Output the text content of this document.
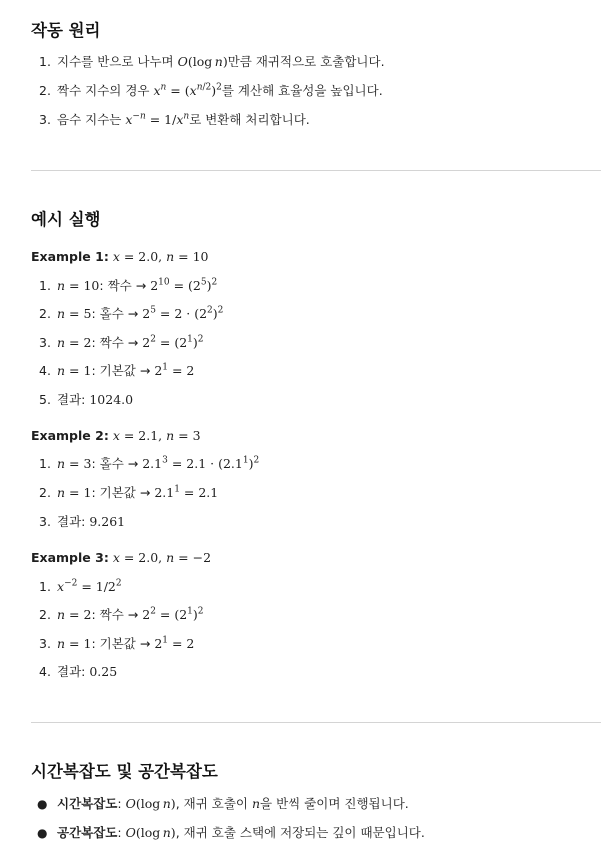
작동 원리
1. 지수를 반으로 나누며 O(log n)만큼 재귀적으로 호출합니다.
2. 짝수 지수의 경우 $x^n = (x^{n/2})^2$를 계산해 효율성을 높입니다.
3. 음수 지수는 $x^{-n} = 1/x^n$로 변환해 처리합니다.
예시 실행
Example 1: x = 2.0, n = 10
1. n = 10: 짝수 → $2^{10} = (2^5)^2$
2. n = 5: 홀수 → $2^5 = 2 \cdot (2^2)^2$
3. n = 2: 짝수 → $2^2 = (2^1)^2$
4. n = 1: 기본값 → $2^1 = 2$
5. 결과: 1024.0
Example 2: x = 2.1, n = 3
1. n = 3: 홀수 → $2.1^3 = 2.1 \cdot (2.1^1)^2$
2. n = 1: 기본값 → $2.1^1 = 2.1$
3. 결과: 9.261
Example 3: x = 2.0, n = −2
1. $x^{-2} = 1/2^2$
2. n = 2: 짝수 → $2^2 = (2^1)^2$
3. n = 1: 기본값 → $2^1 = 2$
4. 결과: 0.25
시간복잡도 및 공간복잡도
● 시간복잡도: O(log n), 재귀 호출이 n을 반씩 줄이며 진행됩니다.
● 공간복잡도: O(log n), 재귀 호출 스택에 저장되는 깊이 때문입니다.
